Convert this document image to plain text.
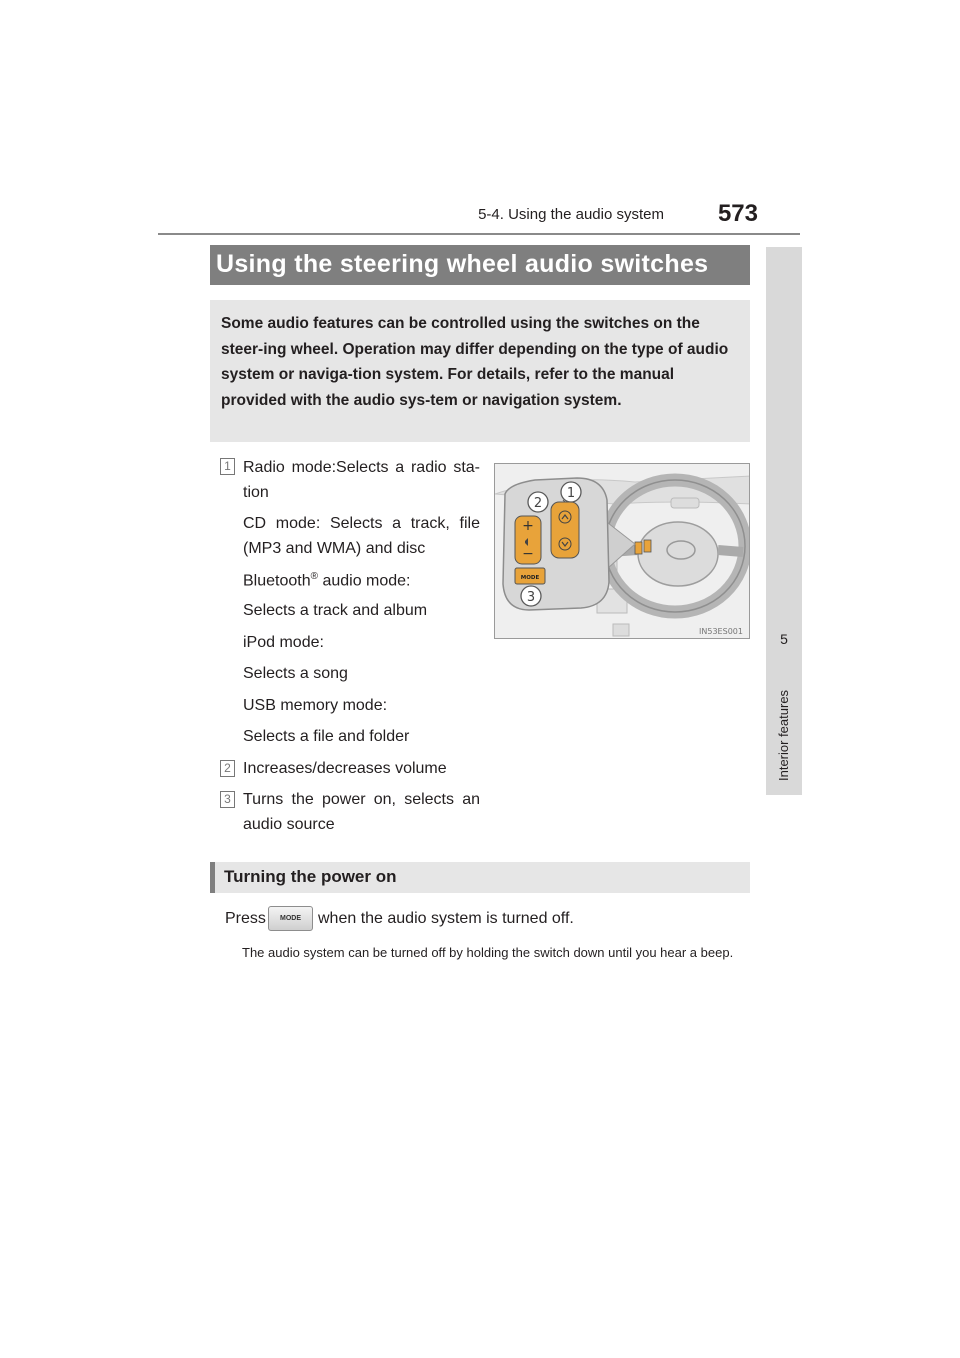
5-4. Using the audio system 573
5
Interior features
Using the steering wheel audio switches

Some audio features can be controlled using the switches on the steer-ing wheel. Operation may differ depending on the type of audio system or naviga-tion system. For details, refer to the manual provided with the audio sys-tem or navigation system.

1 Radio mode:Selects a radio sta-
tion
CD mode: Selects a track, file
(MP3 and WMA) and disc
Bluetooth® audio mode:
Selects a track and album
iPod mode:
Selects a song
USB memory mode:
Selects a file and folder
2 Increases/decreases volume
3 Turns the power on, selects an
audio source
+
−
MODE
1
2
3
IN53ES001
Turning the power on
Press	MODE	when the audio system is turned off.
The audio system can be turned off by holding the switch down until you hear a beep.
